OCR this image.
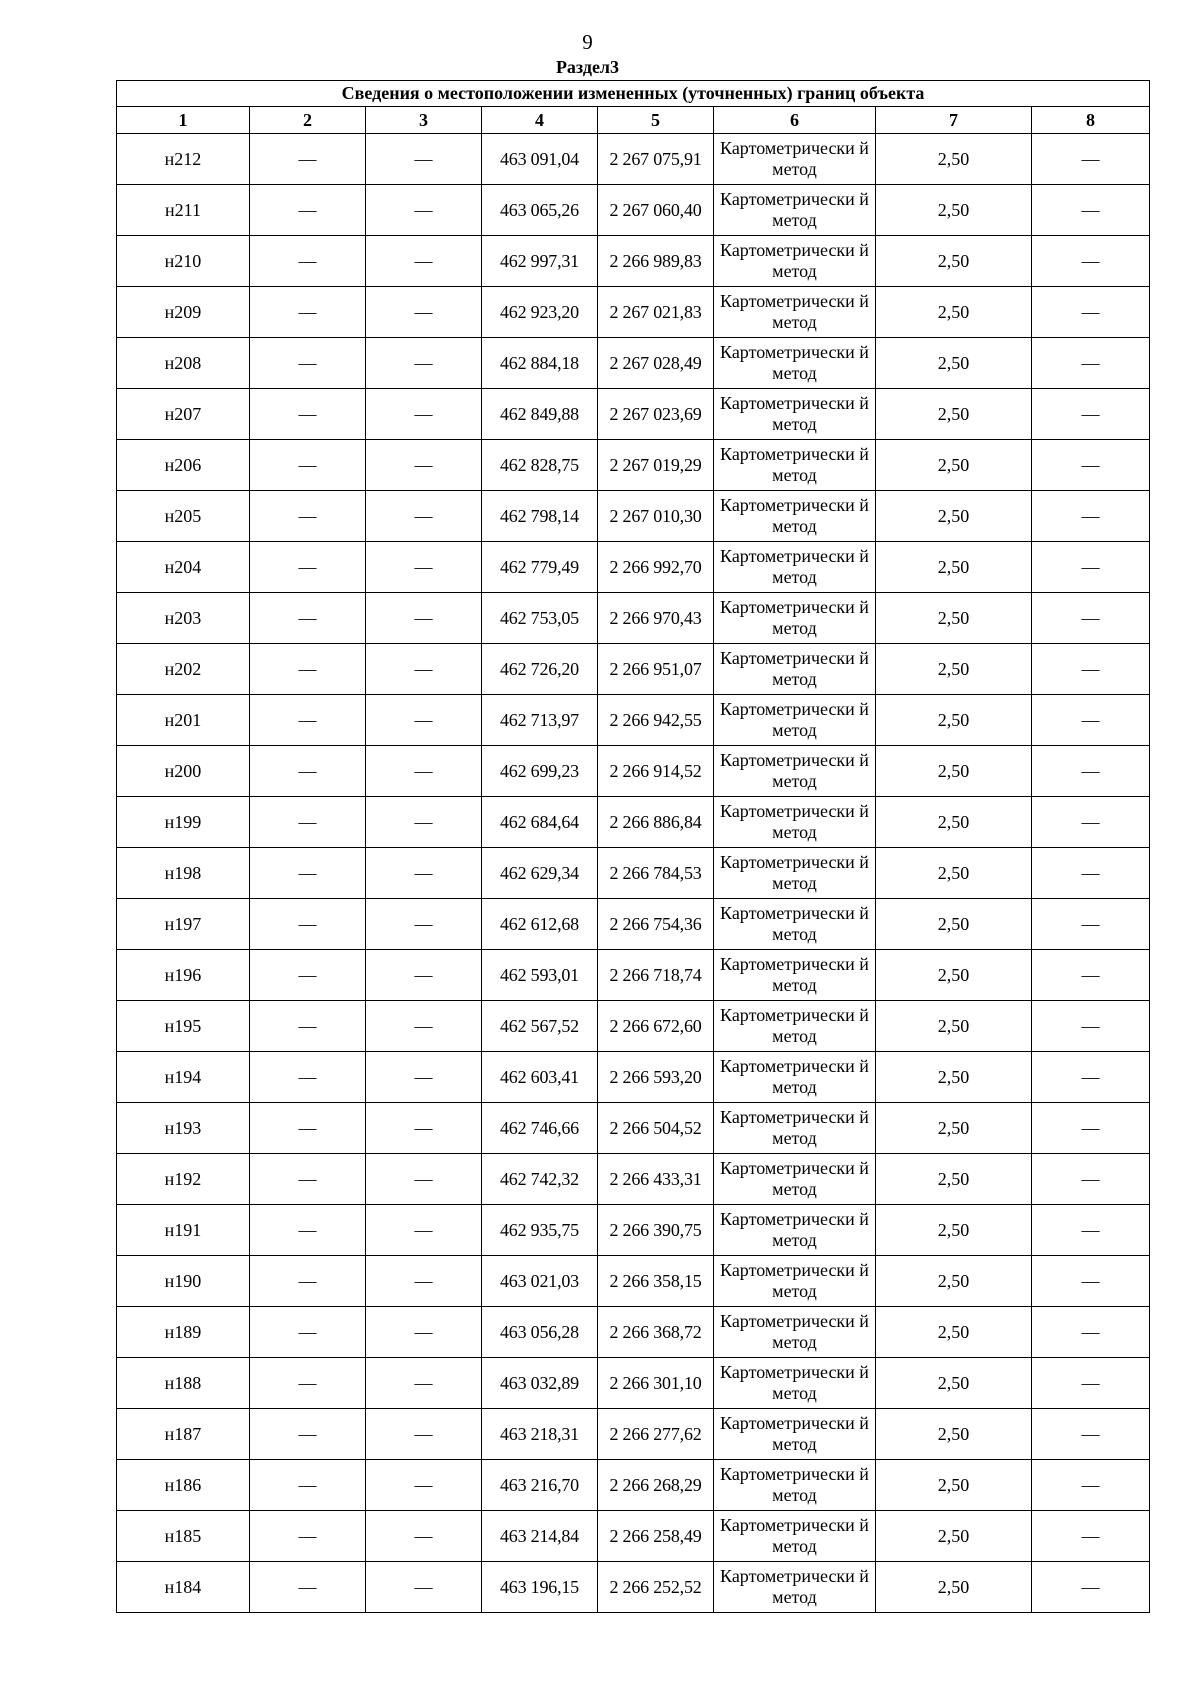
9
Раздел3
Сведения о местоположении измененных (уточненных) границ объекта							
1	2	3	4	5	6	7	8
н212	—	—	463 091,04	2 267 075,91	Картометрически й метод	2,50	—
н211	—	—	463 065,26	2 267 060,40	Картометрически й метод	2,50	—
н210	—	—	462 997,31	2 266 989,83	Картометрически й метод	2,50	—
н209	—	—	462 923,20	2 267 021,83	Картометрически й метод	2,50	—
н208	—	—	462 884,18	2 267 028,49	Картометрически й метод	2,50	—
н207	—	—	462 849,88	2 267 023,69	Картометрически й метод	2,50	—
н206	—	—	462 828,75	2 267 019,29	Картометрически й метод	2,50	—
н205	—	—	462 798,14	2 267 010,30	Картометрически й метод	2,50	—
н204	—	—	462 779,49	2 266 992,70	Картометрически й метод	2,50	—
н203	—	—	462 753,05	2 266 970,43	Картометрически й метод	2,50	—
н202	—	—	462 726,20	2 266 951,07	Картометрически й метод	2,50	—
н201	—	—	462 713,97	2 266 942,55	Картометрически й метод	2,50	—
н200	—	—	462 699,23	2 266 914,52	Картометрически й метод	2,50	—
н199	—	—	462 684,64	2 266 886,84	Картометрически й метод	2,50	—
н198	—	—	462 629,34	2 266 784,53	Картометрически й метод	2,50	—
н197	—	—	462 612,68	2 266 754,36	Картометрически й метод	2,50	—
н196	—	—	462 593,01	2 266 718,74	Картометрически й метод	2,50	—
н195	—	—	462 567,52	2 266 672,60	Картометрически й метод	2,50	—
н194	—	—	462 603,41	2 266 593,20	Картометрически й метод	2,50	—
н193	—	—	462 746,66	2 266 504,52	Картометрически й метод	2,50	—
н192	—	—	462 742,32	2 266 433,31	Картометрически й метод	2,50	—
н191	—	—	462 935,75	2 266 390,75	Картометрически й метод	2,50	—
н190	—	—	463 021,03	2 266 358,15	Картометрически й метод	2,50	—
н189	—	—	463 056,28	2 266 368,72	Картометрически й метод	2,50	—
н188	—	—	463 032,89	2 266 301,10	Картометрически й метод	2,50	—
н187	—	—	463 218,31	2 266 277,62	Картометрически й метод	2,50	—
н186	—	—	463 216,70	2 266 268,29	Картометрически й метод	2,50	—
н185	—	—	463 214,84	2 266 258,49	Картометрически й метод	2,50	—
н184	—	—	463 196,15	2 266 252,52	Картометрически й метод	2,50	—
